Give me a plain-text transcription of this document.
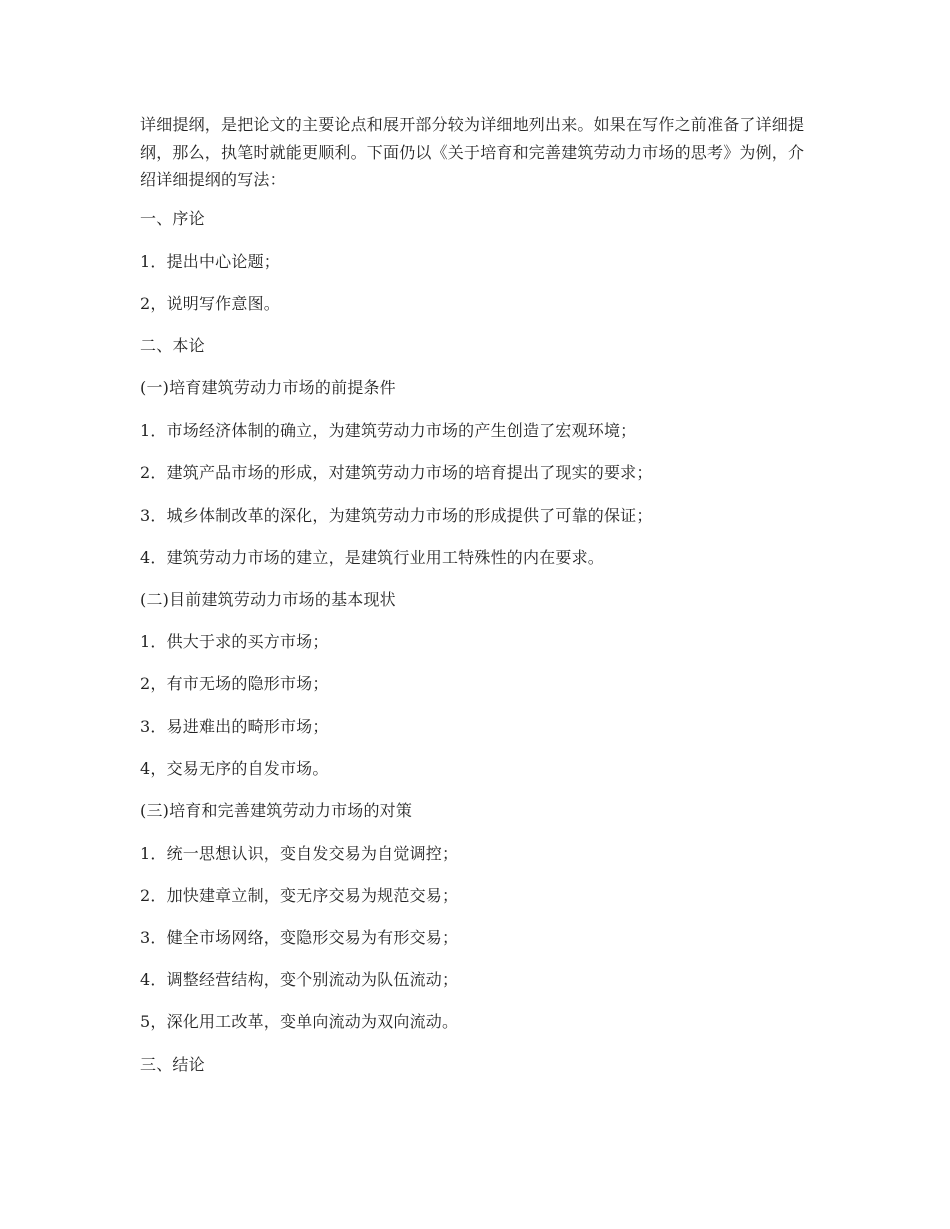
详细提纲，是把论文的主要论点和展开部分较为详细地列出来。如果在写作之前准备了详细提纲，那么，执笔时就能更顺利。下面仍以《关于培育和完善建筑劳动力市场的思考》为例，介绍详细提纲的写法：

一、序论

1．提出中心论题；

2，说明写作意图。

二、本论

(一)培育建筑劳动力市场的前提条件

1．市场经济体制的确立，为建筑劳动力市场的产生创造了宏观环境；

2．建筑产品市场的形成，对建筑劳动力市场的培育提出了现实的要求；

3．城乡体制改革的深化，为建筑劳动力市场的形成提供了可靠的保证；

4．建筑劳动力市场的建立，是建筑行业用工特殊性的内在要求。

(二)目前建筑劳动力市场的基本现状

1．供大于求的买方市场；

2，有市无场的隐形市场；

3．易进难出的畸形市场；

4，交易无序的自发市场。

(三)培育和完善建筑劳动力市场的对策

1．统一思想认识，变自发交易为自觉调控；

2．加快建章立制，变无序交易为规范交易；

3．健全市场网络，变隐形交易为有形交易；

4．调整经营结构，变个别流动为队伍流动；

5，深化用工改革，变单向流动为双向流动。

三、结论
